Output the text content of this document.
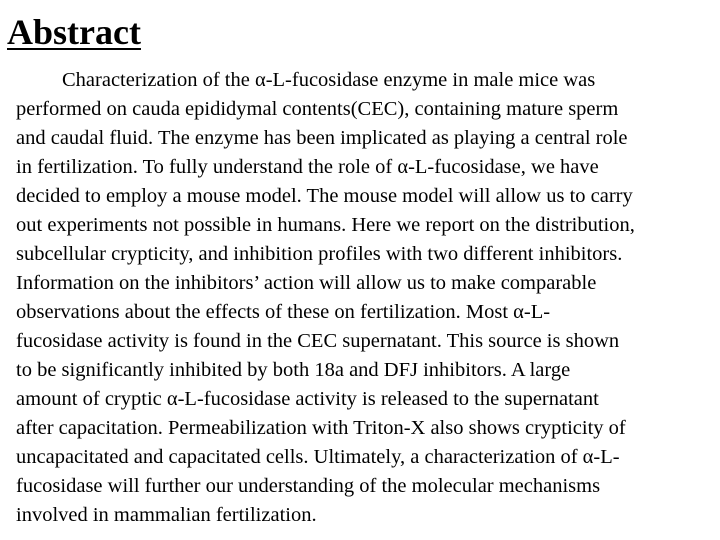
Abstract
Characterization of the α-L-fucosidase enzyme in male mice was
performed on cauda epididymal contents(CEC), containing mature sperm
and caudal fluid. The enzyme has been implicated as playing a central role
in fertilization. To fully understand the role of α-L-fucosidase, we have
decided to employ a mouse model. The mouse model will allow us to carry
out experiments not possible in humans. Here we report on the distribution,
subcellular crypticity, and inhibition profiles with two different inhibitors.
Information on the inhibitors’ action will allow us to make comparable
observations about the effects of these on fertilization. Most α-L-
fucosidase activity is found in the CEC supernatant. This source is shown
to be significantly inhibited by both 18a and DFJ inhibitors. A large
amount of cryptic α-L-fucosidase activity is released to the supernatant
after capacitation. Permeabilization with Triton-X also shows crypticity of
uncapacitated and capacitated cells. Ultimately, a characterization of α-L-
fucosidase will further our understanding of the molecular mechanisms
involved in mammalian fertilization.
